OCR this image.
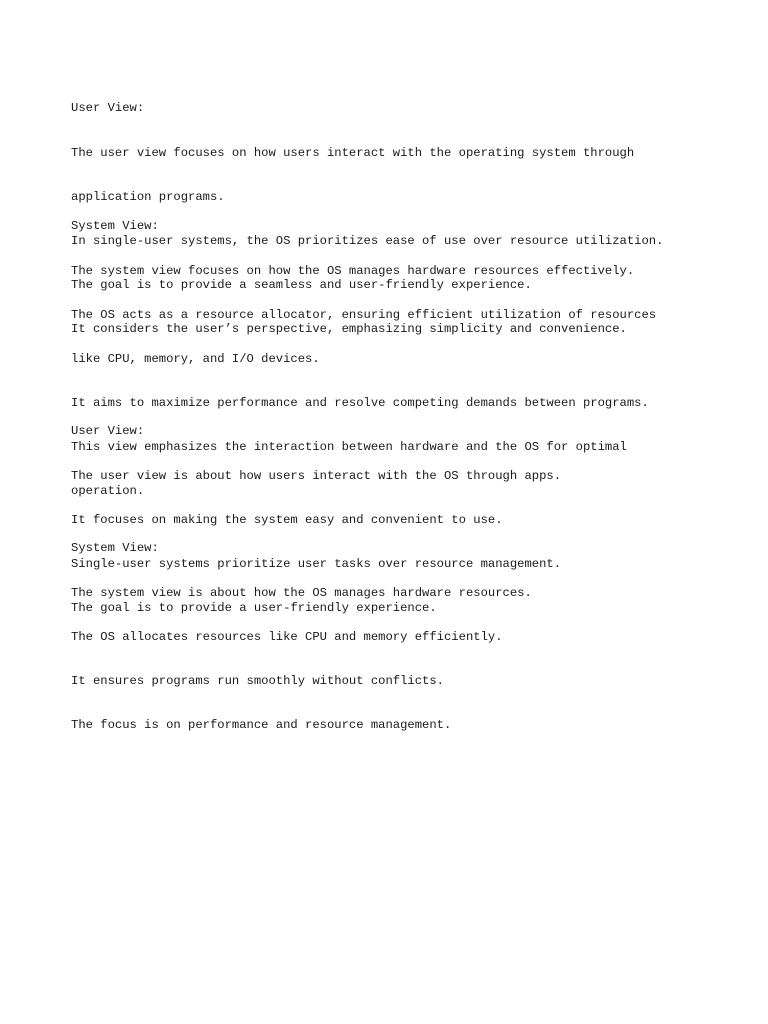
User View:

The user view focuses on how users interact with the operating system through

application programs.

In single-user systems, the OS prioritizes ease of use over resource utilization.

The goal is to provide a seamless and user-friendly experience.

It considers the user’s perspective, emphasizing simplicity and convenience.

System View:

The system view focuses on how the OS manages hardware resources effectively.

The OS acts as a resource allocator, ensuring efficient utilization of resources

like CPU, memory, and I/O devices.

It aims to maximize performance and resolve competing demands between programs.

This view emphasizes the interaction between hardware and the OS for optimal

operation.

User View:

The user view is about how users interact with the OS through apps.

It focuses on making the system easy and convenient to use.

Single-user systems prioritize user tasks over resource management.

The goal is to provide a user-friendly experience.

System View:

The system view is about how the OS manages hardware resources.

The OS allocates resources like CPU and memory efficiently.

It ensures programs run smoothly without conflicts.

The focus is on performance and resource management.
